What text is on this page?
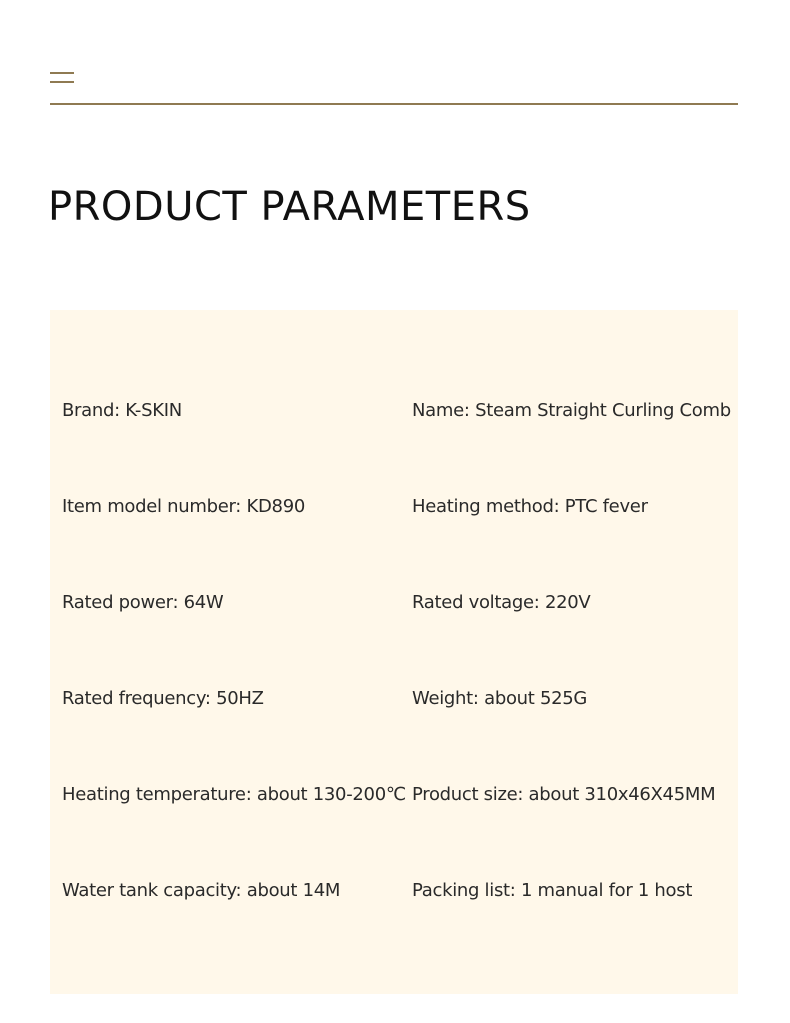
PRODUCT PARAMETERS
Brand: K-SKIN	Name: Steam Straight Curling Comb
Item model number: KD890	Heating method: PTC fever
Rated power: 64W	Rated voltage: 220V
Rated frequency: 50HZ	Weight: about 525G
Heating temperature: about 130-200℃ Product size: about 310x46X45MM
Water tank capacity: about 14M	Packing list: 1 manual for 1 host
